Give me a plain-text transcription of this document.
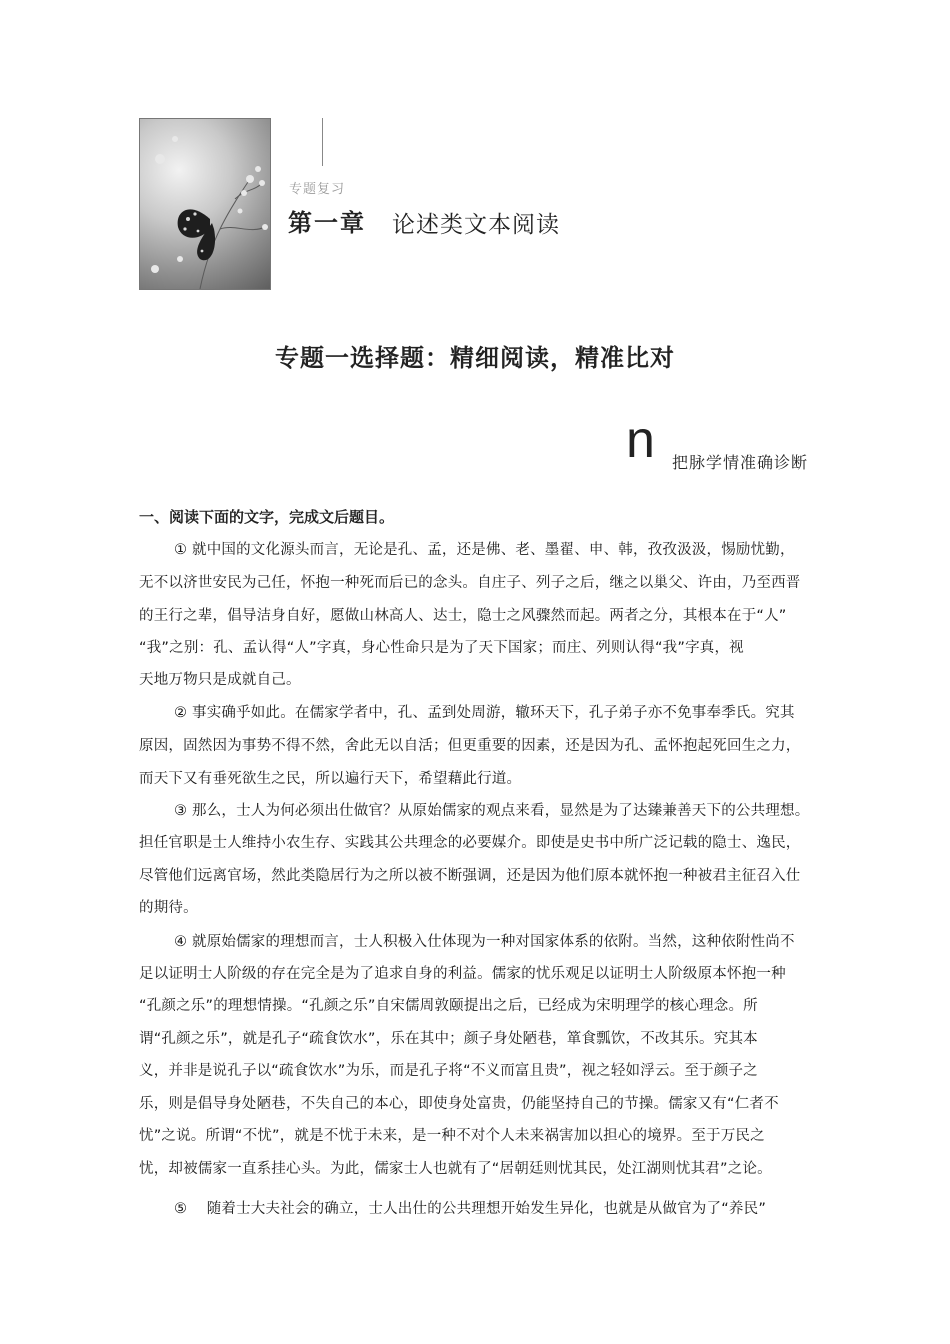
专题复习
第一章 论述类文本阅读
专题一选择题：精细阅读，精准比对
n 把脉学情准确诊断
一、阅读下面的文字，完成文后题目。
① 就中国的文化源头而言，无论是孔、孟，还是佛、老、墨翟、申、韩，孜孜汲汲，惕励忧勤，
无不以济世安民为己任，怀抱一种死而后已的念头。自庄子、列子之后，继之以巢父、许由，乃至西晋
的王行之辈，倡导洁身自好，愿做山林高人、达士，隐士之风骤然而起。两者之分，其根本在于“人”
“我”之别：孔、孟认得“人”字真，身心性命只是为了天下国家；而庄、列则认得“我”字真，视
天地万物只是成就自己。
② 事实确乎如此。在儒家学者中，孔、孟到处周游，辙环天下，孔子弟子亦不免事奉季氏。究其
原因，固然因为事势不得不然，舍此无以自活；但更重要的因素，还是因为孔、孟怀抱起死回生之力，
而天下又有垂死欲生之民，所以遍行天下，希望藉此行道。
③ 那么，士人为何必须出仕做官？从原始儒家的观点来看，显然是为了达臻兼善天下的公共理想。
担任官职是士人维持小农生存、实践其公共理念的必要媒介。即使是史书中所广泛记载的隐士、逸民，
尽管他们远离官场，然此类隐居行为之所以被不断强调，还是因为他们原本就怀抱一种被君主征召入仕
的期待。
④ 就原始儒家的理想而言，士人积极入仕体现为一种对国家体系的依附。当然，这种依附性尚不
足以证明士人阶级的存在完全是为了追求自身的利益。儒家的忧乐观足以证明士人阶级原本怀抱一种
“孔颜之乐”的理想情操。“孔颜之乐”自宋儒周敦颐提出之后，已经成为宋明理学的核心理念。所
谓“孔颜之乐”，就是孔子“疏食饮水”，乐在其中；颜子身处陋巷，箪食瓢饮，不改其乐。究其本
义，并非是说孔子以“疏食饮水”为乐，而是孔子将“不义而富且贵”，视之轻如浮云。至于颜子之
乐，则是倡导身处陋巷，不失自己的本心，即使身处富贵，仍能坚持自己的节操。儒家又有“仁者不
忧”之说。所谓“不忧”，就是不忧于未来，是一种不对个人未来祸害加以担心的境界。至于万民之
忧，却被儒家一直系挂心头。为此，儒家士人也就有了“居朝廷则忧其民，处江湖则忧其君”之论。
⑤ 　随着士大夫社会的确立，士人出仕的公共理想开始发生异化，也就是从做官为了“养民”
